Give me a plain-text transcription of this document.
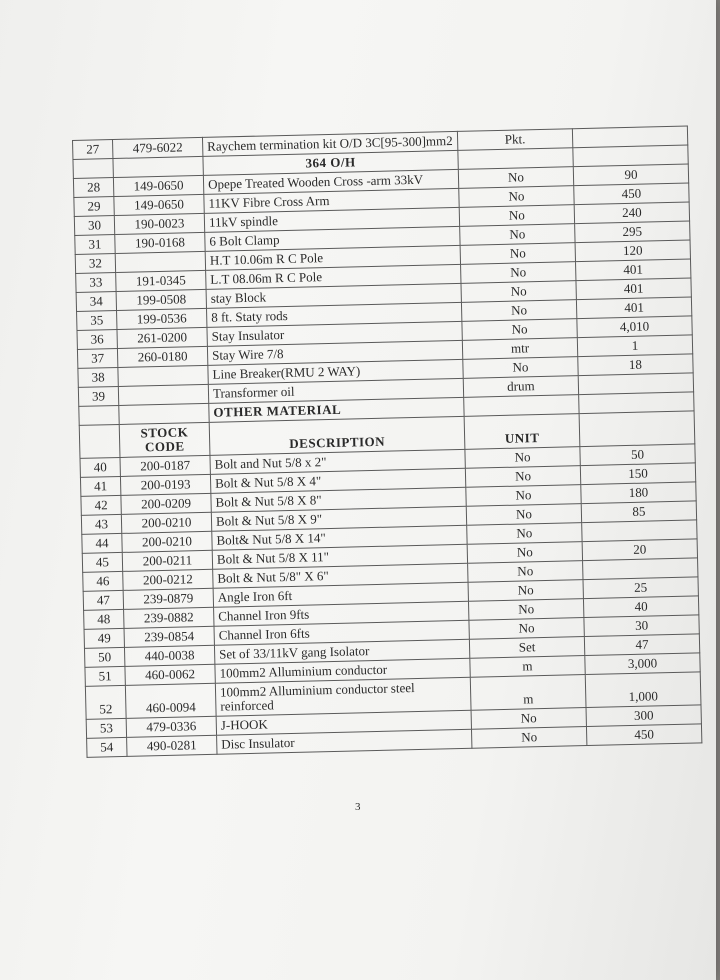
27	479-6022	Raychem termination kit O/D 3C[95-300]mm2	Pkt.	
		364 O/H		
28	149-0650	Opepe Treated Wooden Cross -arm 33kV	No	90
29	149-0650	11KV Fibre Cross Arm	No	450
30	190-0023	11kV spindle	No	240
31	190-0168	6 Bolt Clamp	No	295
32		H.T 10.06m R C Pole	No	120
33	191-0345	L.T 08.06m R C Pole	No	401
34	199-0508	stay Block	No	401
35	199-0536	8 ft. Staty rods	No	401
36	261-0200	Stay Insulator	No	4,010
37	260-0180	Stay Wire 7/8	mtr	1
38		Line Breaker(RMU 2 WAY)	No	18
39		Transformer oil	drum	
		OTHER MATERIAL		
	STOCK CODE	DESCRIPTION	UNIT	
40	200-0187	Bolt and Nut 5/8 x 2"	No	50
41	200-0193	Bolt & Nut 5/8 X 4"	No	150
42	200-0209	Bolt & Nut 5/8 X 8"	No	180
43	200-0210	Bolt & Nut 5/8 X 9"	No	85
44	200-0210	Bolt& Nut 5/8 X 14"	No	
45	200-0211	Bolt & Nut 5/8 X 11"	No	20
46	200-0212	Bolt & Nut 5/8" X 6"	No	
47	239-0879	Angle Iron 6ft	No	25
48	239-0882	Channel Iron 9fts	No	40
49	239-0854	Channel Iron 6fts	No	30
50	440-0038	Set of 33/11kV gang Isolator	Set	47
51	460-0062	100mm2 Alluminium conductor	m	3,000
52	460-0094	100mm2 Alluminium conductor steel reinforced	m	1,000
53	479-0336	J-HOOK	No	300
54	490-0281	Disc Insulator	No	450
3
